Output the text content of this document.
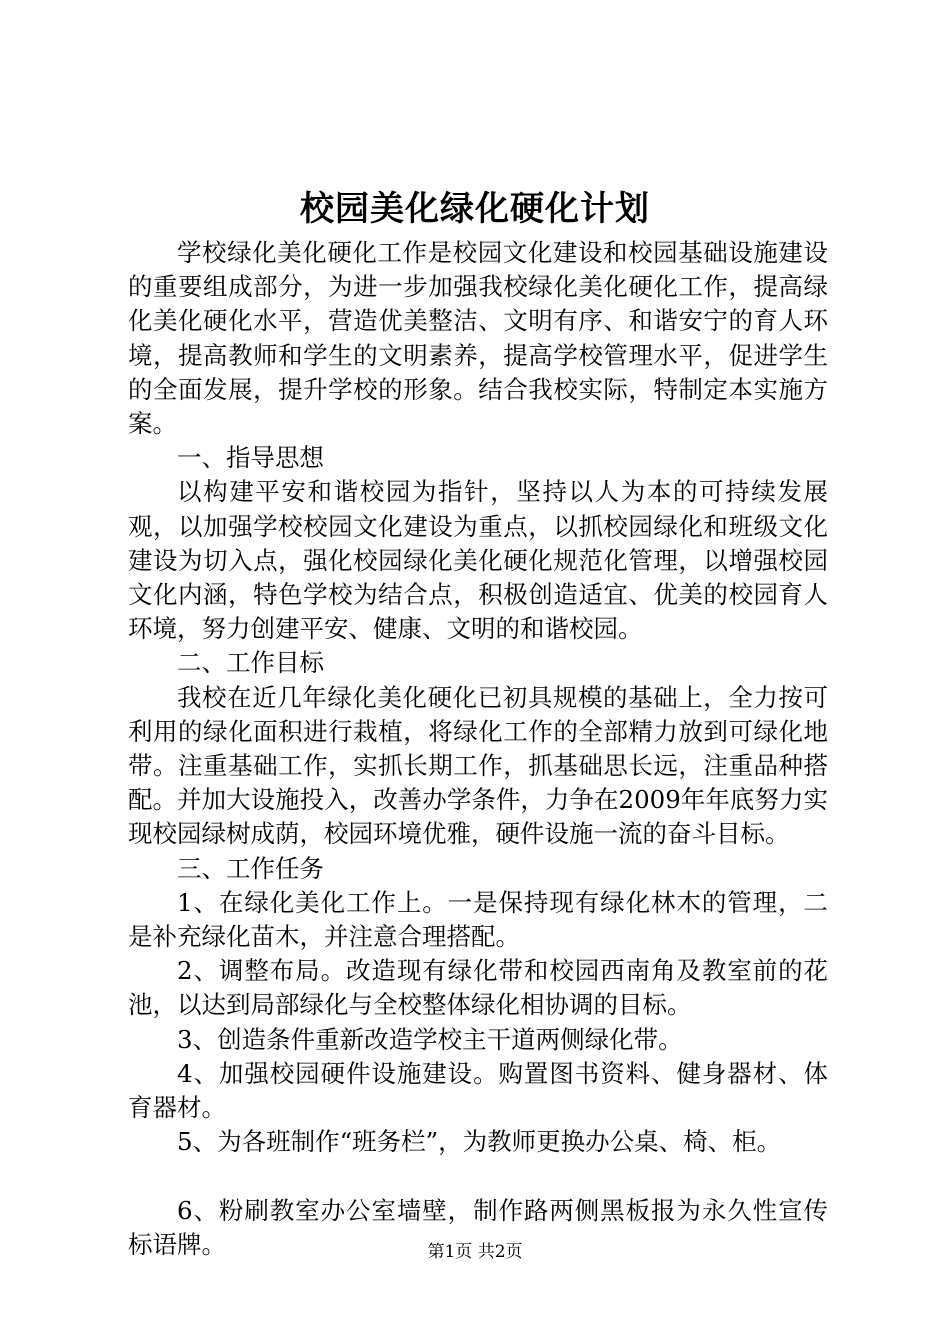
校园美化绿化硬化计划

学校绿化美化硬化工作是校园文化建设和校园基础设施建设的重要组成部分，为进一步加强我校绿化美化硬化工作，提高绿化美化硬化水平，营造优美整洁、文明有序、和谐安宁的育人环境，提高教师和学生的文明素养，提高学校管理水平，促进学生的全面发展，提升学校的形象。结合我校实际，特制定本实施方案。

一、指导思想

以构建平安和谐校园为指针，坚持以人为本的可持续发展观，以加强学校校园文化建设为重点，以抓校园绿化和班级文化建设为切入点，强化校园绿化美化硬化规范化管理，以增强校园文化内涵，特色学校为结合点，积极创造适宜、优美的校园育人环境，努力创建平安、健康、文明的和谐校园。

二、工作目标

我校在近几年绿化美化硬化已初具规模的基础上，全力按可利用的绿化面积进行栽植，将绿化工作的全部精力放到可绿化地带。注重基础工作，实抓长期工作，抓基础思长远，注重品种搭配。并加大设施投入，改善办学条件，力争在2009年年底努力实现校园绿树成荫，校园环境优雅，硬件设施一流的奋斗目标。

三、工作任务

1、在绿化美化工作上。一是保持现有绿化林木的管理，二是补充绿化苗木，并注意合理搭配。

2、调整布局。改造现有绿化带和校园西南角及教室前的花池，以达到局部绿化与全校整体绿化相协调的目标。

3、创造条件重新改造学校主干道两侧绿化带。

4、加强校园硬件设施建设。购置图书资料、健身器材、体育器材。

5、为各班制作“班务栏”，为教师更换办公桌、椅、柜。

6、粉刷教室办公室墙壁，制作路两侧黑板报为永久性宣传标语牌。	第1页 共2页
